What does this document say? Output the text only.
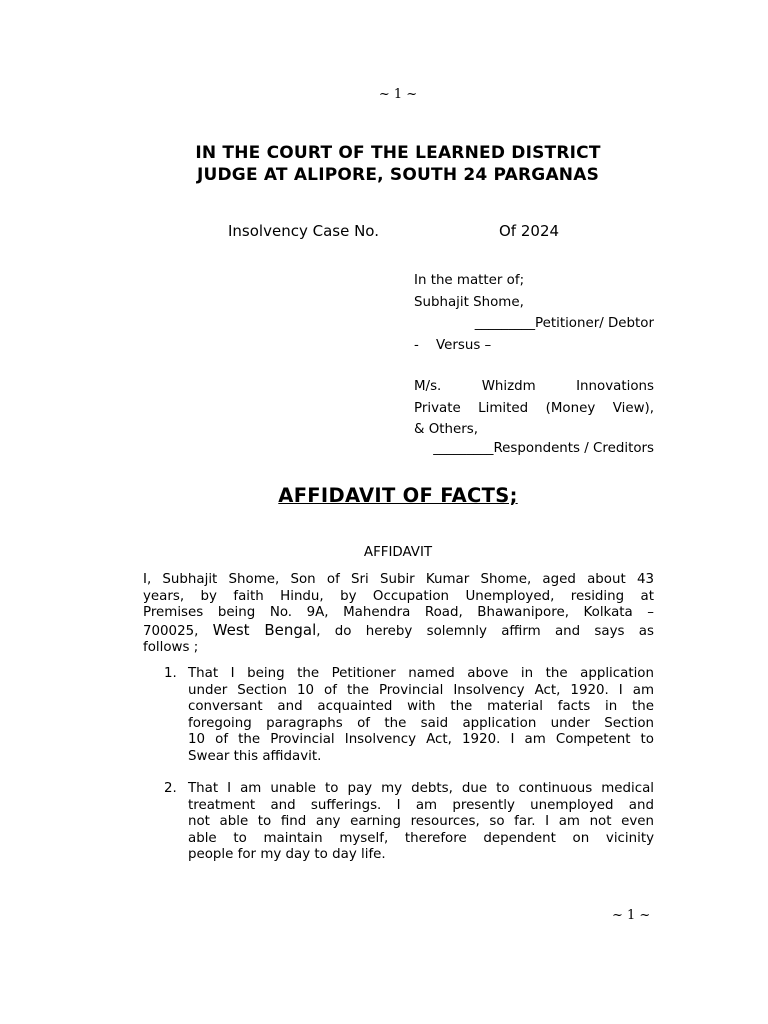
~ 1 ~
IN THE COURT OF THE LEARNED DISTRICT
JUDGE AT ALIPORE, SOUTH 24 PARGANAS
Insolvency Case No.	Of 2024
In the matter of;
Subhajit Shome,
_________Petitioner/ Debtor
- Versus –
M/s. Whizdm Innovations
Private Limited (Money View),
& Others,
_________Respondents / Creditors
AFFIDAVIT OF FACTS;
AFFIDAVIT
I, Subhajit Shome, Son of Sri Subir Kumar Shome, aged about 43
years, by faith Hindu, by Occupation Unemployed, residing at
Premises being No. 9A, Mahendra Road, Bhawanipore, Kolkata –
700025, West Bengal, do hereby solemnly affirm and says as
follows ;
1. That I being the Petitioner named above in the application
under Section 10 of the Provincial Insolvency Act, 1920. I am
conversant and acquainted with the material facts in the
foregoing paragraphs of the said application under Section
10 of the Provincial Insolvency Act, 1920. I am Competent to
Swear this affidavit.
2. That I am unable to pay my debts, due to continuous medical
treatment and sufferings. I am presently unemployed and
not able to find any earning resources, so far. I am not even
able to maintain myself, therefore dependent on vicinity
people for my day to day life.
~ 1 ~
